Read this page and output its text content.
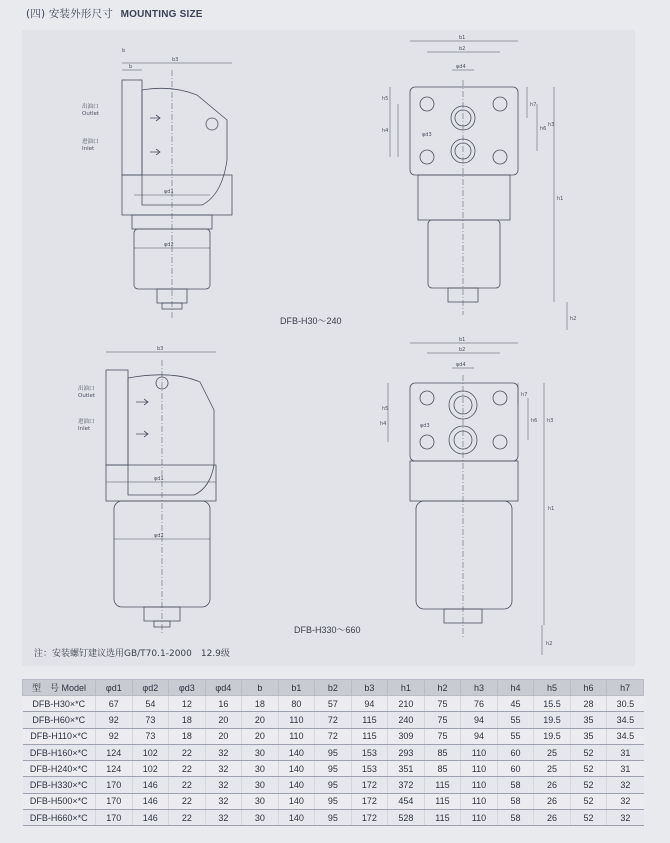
(四) 安装外形尺寸 MOUNTING SIZE
b3
b
φd1
φd2
出油口
Outlet
进油口
Inlet
b1
b2
φd4
φd3
h1
h2
h5
h4
h7
h6
h3
b3
φd1
φd2
出油口
Outlet
进油口
Inlet
b1
b2
φd4
φd3
h1
h2
h4
h7
h6 h3
h5
b
DFB-H30～240
DFB-H330～660
注：安装螺钉建议选用GB/T70.1-2000　12.9级
型　号 Model	φd1	φd2	φd3	φd4	b	b1	b2	b3	h1	h2	h3	h4	h5	h6	h7
DFB-H30×*C	67	54	12	16	18	80	57	94	210	75	76	45	15.5	28	30.5
DFB-H60×*C	92	73	18	20	20	110	72	115	240	75	94	55	19.5	35	34.5
DFB-H110×*C	92	73	18	20	20	110	72	115	309	75	94	55	19.5	35	34.5
DFB-H160×*C	124	102	22	32	30	140	95	153	293	85	110	60	25	52	31
DFB-H240×*C	124	102	22	32	30	140	95	153	351	85	110	60	25	52	31
DFB-H330×*C	170	146	22	32	30	140	95	172	372	115	110	58	26	52	32
DFB-H500×*C	170	146	22	32	30	140	95	172	454	115	110	58	26	52	32
DFB-H660×*C	170	146	22	32	30	140	95	172	528	115	110	58	26	52	32
